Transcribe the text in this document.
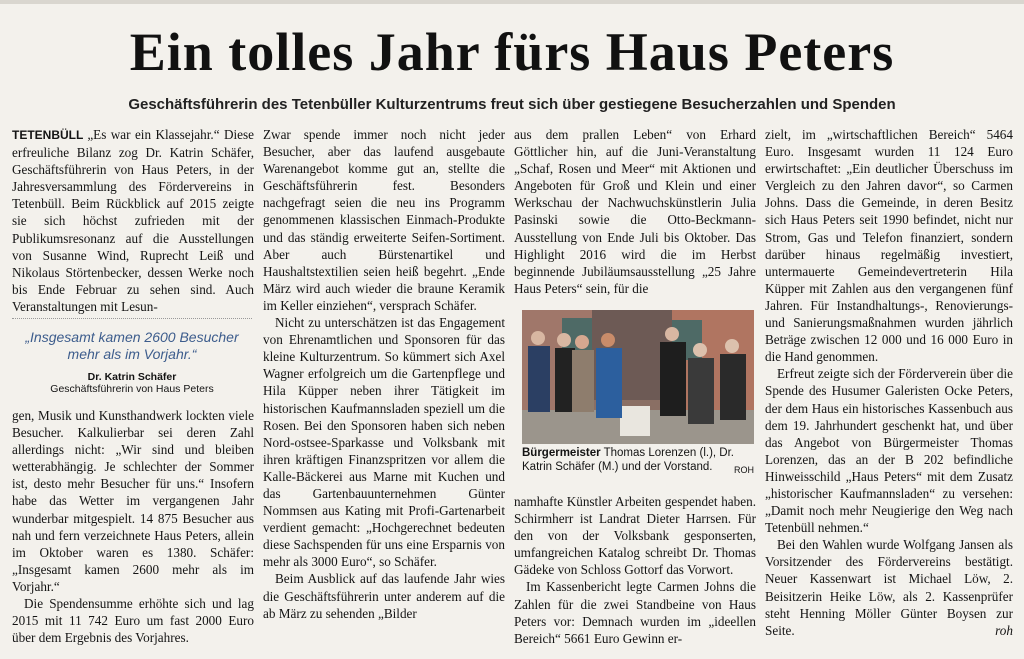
Ein tolles Jahr fürs Haus Peters
Geschäftsführerin des Tetenbüller Kulturzentrums freut sich über gestiegene Besucherzahlen und Spenden

TETENBÜLL „Es war ein Klassejahr.“ Diese erfreuliche Bilanz zog Dr. Katrin Schäfer, Geschäftsführerin von Haus Peters, in der Jahresversammlung des Fördervereins in Tetenbüll. Beim Rückblick auf 2015 zeigte sie sich höchst zufrieden mit der Publikumsresonanz auf die Ausstellungen von Susanne Wind, Ruprecht Leiß und Nikolaus Störtenbecker, dessen Werke noch bis Ende Februar zu sehen sind. Auch Veranstaltungen mit Lesun-

„Insgesamt kamen 2600 Besucher mehr als im Vorjahr.“
Dr. Katrin Schäfer
Geschäftsführerin von Haus Peters

gen, Musik und Kunsthandwerk lockten viele Besucher. Kalkulierbar sei deren Zahl allerdings nicht: „Wir sind und bleiben wetterabhängig. Je schlechter der Sommer ist, desto mehr Besucher für uns.“ Insofern habe das Wetter im vergangenen Jahr wunderbar mitgespielt. 14 875 Besucher aus nah und fern verzeichnete Haus Peters, allein im Oktober waren es 1380. Schäfer: „Insgesamt kamen 2600 mehr als im Vorjahr.“

Die Spendensumme erhöhte sich und lag 2015 mit 11 742 Euro um fast 2000 Euro über dem Ergebnis des Vorjahres.

Zwar spende immer noch nicht jeder Besucher, aber das laufend ausgebaute Warenangebot komme gut an, stellte die Geschäftsführerin fest. Besonders nachgefragt seien die neu ins Programm genommenen klassischen Einmach-Produkte und das ständig erweiterte Seifen-Sortiment. Aber auch Bürstenartikel und Haushaltstextilien seien heiß begehrt. „Ende März wird auch wieder die braune Keramik im Keller einziehen“, versprach Schäfer.

Nicht zu unterschätzen ist das Engagement von Ehrenamtlichen und Sponsoren für das kleine Kulturzentrum. So kümmert sich Axel Wagner erfolgreich um die Gartenpflege und Hila Küpper neben ihrer Tätigkeit im historischen Kaufmannsladen speziell um die Rosen. Bei den Sponsoren haben sich neben Nord-ostsee-Sparkasse und Volksbank mit ihren kräftigen Finanzspritzen vor allem die Kalle-Bäckerei aus Marne mit Kuchen und das Gartenbauunternehmen Günter Nommsen aus Kating mit Profi-Gartenarbeit verdient gemacht: „Hochgerechnet bedeuten diese Sachspenden für uns eine Ersparnis von mehr als 3000 Euro“, so Schäfer.

Beim Ausblick auf das laufende Jahr wies die Geschäftsführerin unter anderem auf die ab März zu sehenden „Bilder

aus dem prallen Leben“ von Erhard Göttlicher hin, auf die Juni-Veranstaltung „Schaf, Rosen und Meer“ mit Aktionen und Angeboten für Groß und Klein und einer Werkschau der Nachwuchskünstlerin Julia Pasinski sowie die Otto-Beckmann-Ausstellung von Ende Juli bis Oktober. Das Highlight 2016 wird die im Herbst beginnende Jubiläumsausstellung „25 Jahre Haus Peters“ sein, für die

Bürgermeister Thomas Lorenzen (l.), Dr. Katrin Schäfer (M.) und der Vorstand. ROH

namhafte Künstler Arbeiten gespendet haben. Schirmherr ist Landrat Dieter Harrsen. Für den von der Volksbank gesponserten, umfangreichen Katalog schreibt Dr. Thomas Gädeke von Schloss Gottorf das Vorwort.

Im Kassenbericht legte Carmen Johns die Zahlen für die zwei Standbeine von Haus Peters vor: Demnach wurden im „ideellen Bereich“ 5661 Euro Gewinn er-

zielt, im „wirtschaftlichen Bereich“ 5464 Euro. Insgesamt wurden 11 124 Euro erwirtschaftet: „Ein deutlicher Überschuss im Vergleich zu den Jahren davor“, so Carmen Johns. Dass die Gemeinde, in deren Besitz sich Haus Peters seit 1990 befindet, nicht nur Strom, Gas und Telefon finanziert, sondern darüber hinaus regelmäßig investiert, untermauerte Gemeindevertreterin Hila Küpper mit Zahlen aus den vergangenen fünf Jahren. Für Instandhaltungs-, Renovierungs- und Sanierungsmaßnahmen wurden jährlich Beträge zwischen 12 000 und 16 000 Euro in die Hand genommen.

Erfreut zeigte sich der Förderverein über die Spende des Husumer Galeristen Ocke Peters, der dem Haus ein historisches Kassenbuch aus dem 19. Jahrhundert geschenkt hat, und über das Angebot von Bürgermeister Thomas Lorenzen, das an der B 202 befindliche Hinweisschild „Haus Peters“ mit dem Zusatz „historischer Kaufmannsladen“ zu versehen: „Damit noch mehr Neugierige den Weg nach Tetenbüll nehmen.“

Bei den Wahlen wurde Wolfgang Jansen als Vorsitzender des Fördervereins bestätigt. Neuer Kassenwart ist Michael Löw, 2. Beisitzerin Heike Löw, als 2. Kassenprüfer steht Henning Möller Günter Boysen zur Seite.	roh
